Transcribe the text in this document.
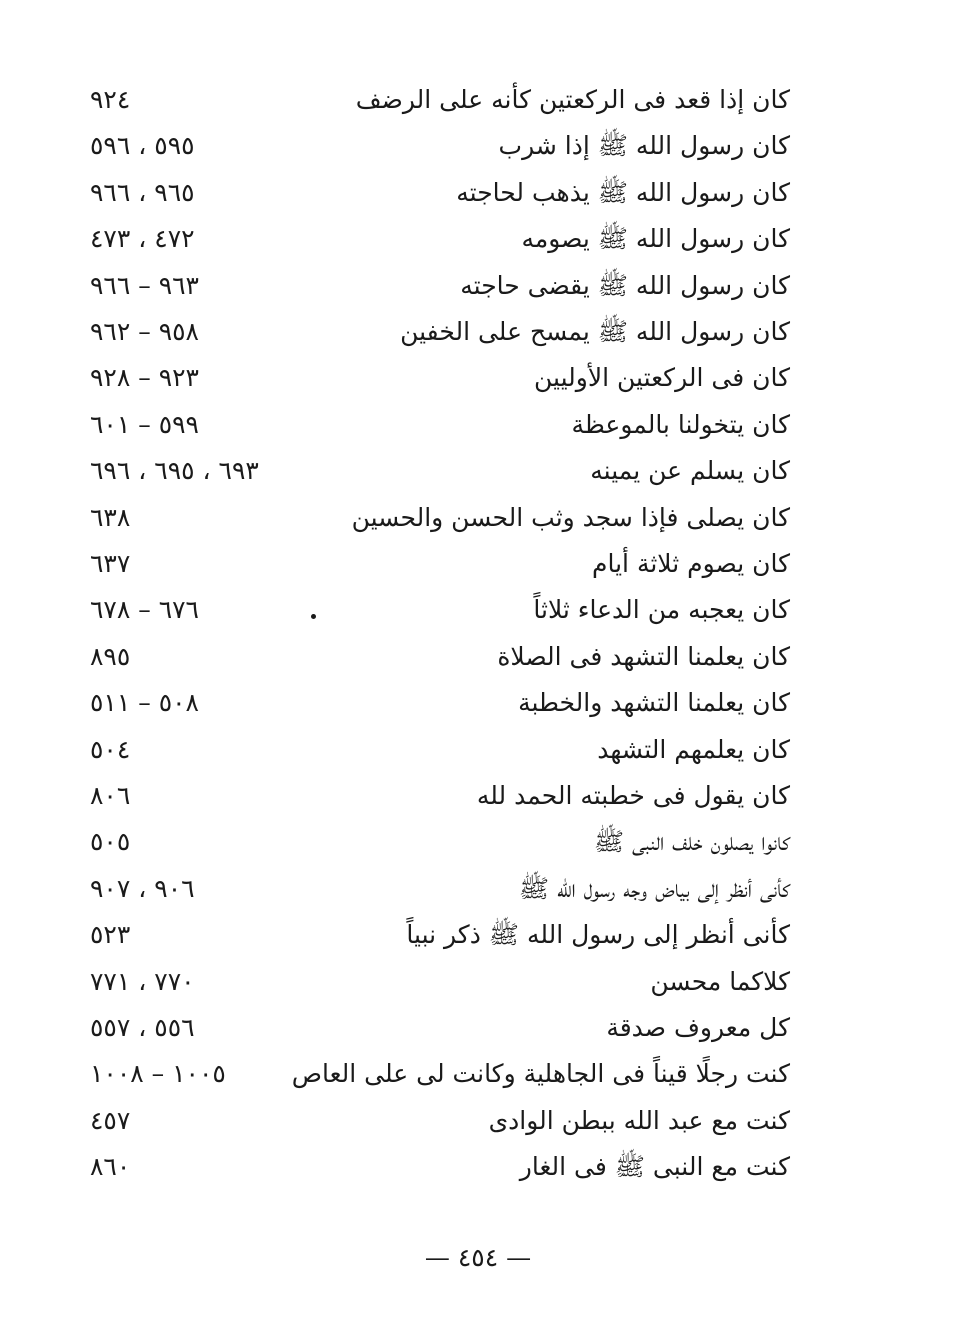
كان إذا قعد فى الركعتين كأنه على الرضف
٩٢٤
كان رسول الله ﷺ إذا شرب
٥٩٥ ، ٥٩٦
كان رسول الله ﷺ يذهب لحاجته
٩٦٥ ، ٩٦٦
كان رسول الله ﷺ يصومه
٤٧٢ ، ٤٧٣
كان رسول الله ﷺ يقضى حاجته
٩٦٣ – ٩٦٦
كان رسول الله ﷺ يمسح على الخفين
٩٥٨ – ٩٦٢
كان فى الركعتين الأوليين
٩٢٣ – ٩٢٨
كان يتخولنا بالموعظة
٥٩٩ – ٦٠١
كان يسلم عن يمينه
٦٩٣ ، ٦٩٥ ، ٦٩٦
كان يصلى فإذا سجد وثب الحسن والحسين
٦٣٨
كان يصوم ثلاثة أيام
٦٣٧
كان يعجبه من الدعاء ثلاثاً
٦٧٦ – ٦٧٨
كان يعلمنا التشهد فى الصلاة
٨٩٥
كان يعلمنا التشهد والخطبة
٥٠٨ – ٥١١
كان يعلمهم التشهد
٥٠٤
كان يقول فى خطبته الحمد لله
٨٠٦
كانوا يصلون خلف النبى ﷺ
٥٠٥
كأنى أنظر إلى بياض وجه رسول الله ﷺ
٩٠٦ ، ٩٠٧
كأنى أنظر إلى رسول الله ﷺ ذكر نبياً
٥٢٣
كلاكما محسن
٧٧٠ ، ٧٧١
كل معروف صدقة
٥٥٦ ، ٥٥٧
كنت رجلًا قيناً فى الجاهلية وكانت لى على العاص
١٠٠٥ – ١٠٠٨
كنت مع عبد الله ببطن الوادى
٤٥٧
كنت مع النبى ﷺ فى الغار
٨٦٠
— ٤٥٤ —
